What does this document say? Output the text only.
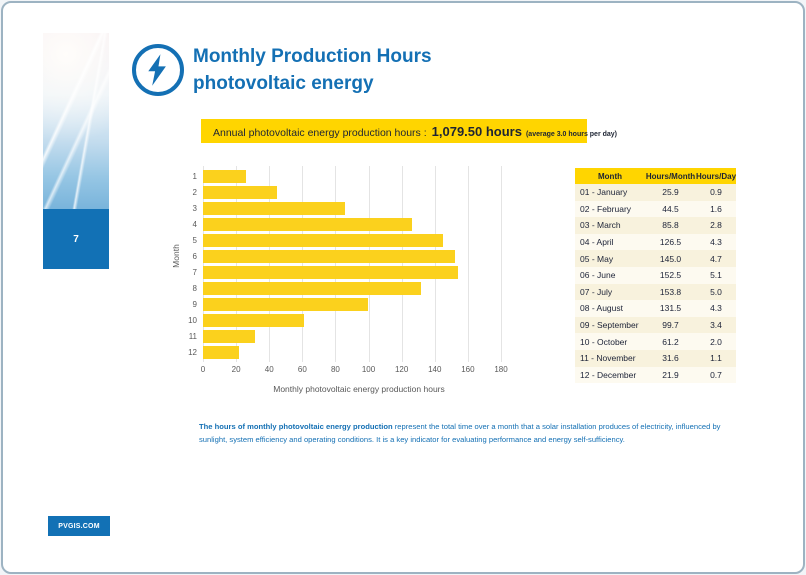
7
Monthly Production Hours
photovoltaic energy
Annual photovoltaic energy production hours : 1,079.50 hours (average 3.0 hours per day)
Month
1
2
3
4
5
6
7
8
9
10
11
12
0	20	40	60	80	100	120	140	160	180
Monthly photovoltaic energy production hours
Month	Hours/Month Hours/Day
01 - January	25.9	0.9
02 - February	44.5	1.6
03 - March	85.8	2.8
04 - April	126.5	4.3
05 - May	145.0	4.7
06 - June	152.5	5.1
07 - July	153.8	5.0
08 - August	131.5	4.3
09 - September	99.7	3.4
10 - October	61.2	2.0
11 - November	31.6	1.1
12 - December	21.9	0.7

The hours of monthly photovoltaic energy production represent the total time over a month that a solar installation produces of electricity, influenced by sunlight, system efficiency and operating conditions. It is a key indicator for evaluating performance and energy self-sufficiency.

PVGIS.COM
